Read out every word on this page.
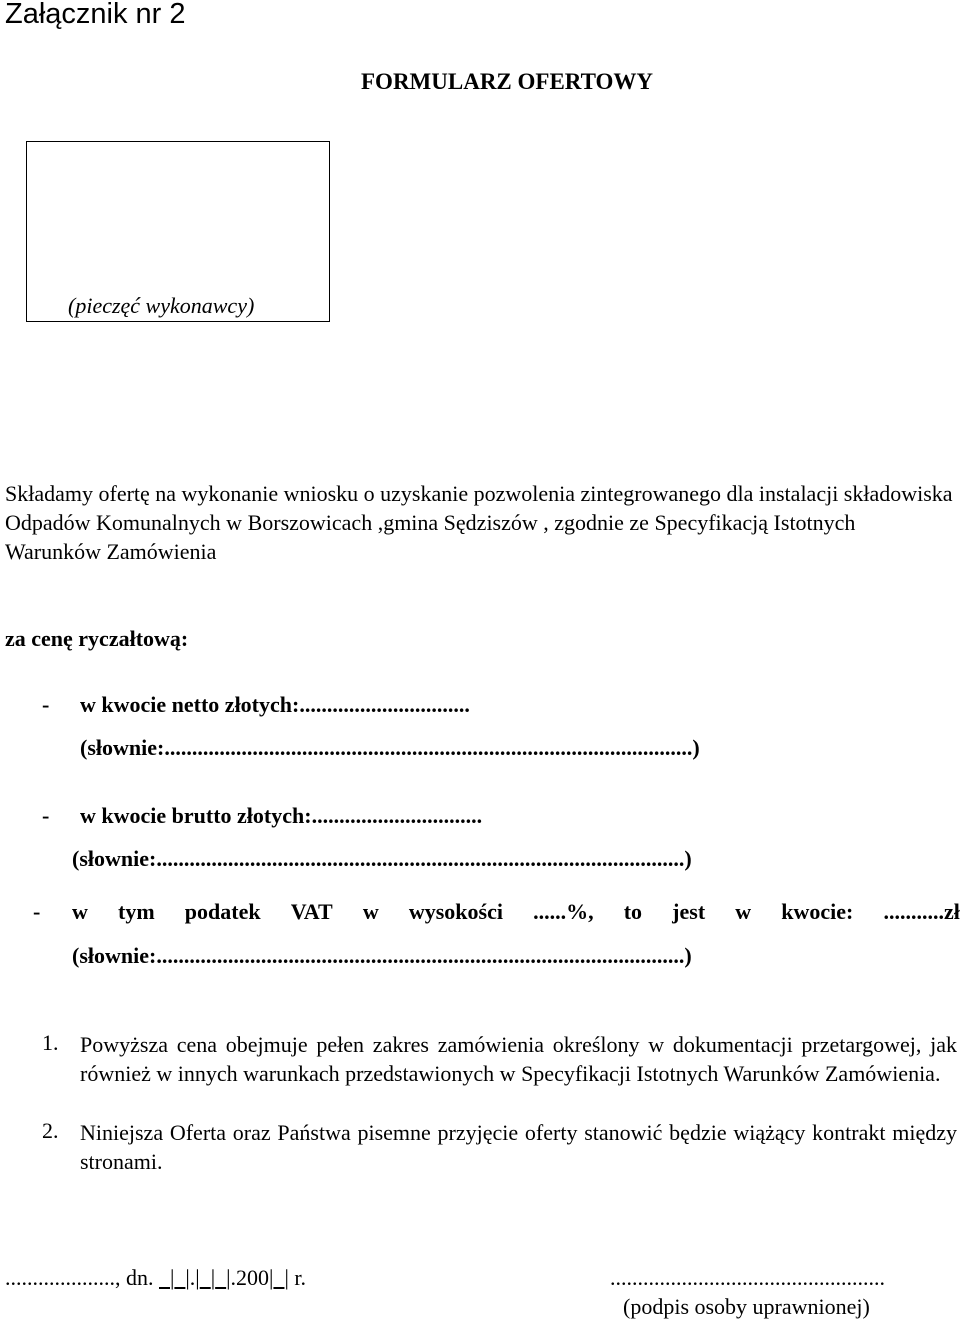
Załącznik nr 2
FORMULARZ OFERTOWY
(pieczęć wykonawcy)
Składamy ofertę na wykonanie wniosku o uzyskanie pozwolenia zintegrowanego dla instalacji składowiska Odpadów Komunalnych w Borszowicach ,gmina Sędziszów , zgodnie ze Specyfikacją Istotnych Warunków Zamówienia
za cenę ryczałtową:
- w kwocie netto złotych:...............................
(słownie:................................................................................................)
- w kwocie brutto złotych:...............................
(słownie:................................................................................................)
- w tym podatek VAT w wysokości ......%, to jest w kwocie: ...........zł
(słownie:................................................................................................)
1. Powyższa cena obejmuje pełen zakres zamówienia określony w dokumentacji przetargowej, jak również w innych warunkach przedstawionych w Specyfikacji Istotnych Warunków Zamówienia.
2. Niniejsza Oferta oraz Państwa pisemne przyjęcie oferty stanowić będzie wiążący kontrakt między stronami.
...................., dn.   | |.| | |.200| | r.	..................................................
(podpis osoby uprawnionej)
